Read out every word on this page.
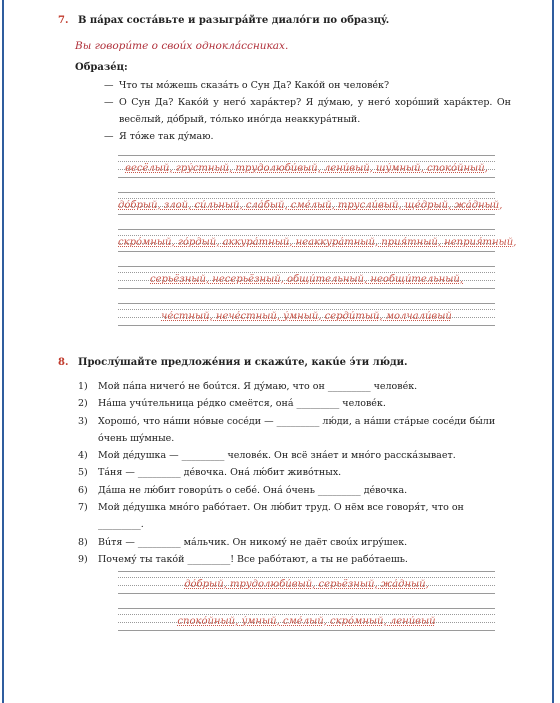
7. В пáрах состáвьте и разыгрáйте диалóги по образцý.
Вы говорúте о своúх одноклáссниках.
Образéц:
— Что ты мóжешь сказáть о Сун Да? Какóй он человéк?
— О Сун Да? Какóй у негó харáктер? Я дýмаю, у негó хорóший харáктер. Он весёлый, дóбрый, тóлько инóгда неаккурáтный.
— Я тóже так дýмаю.
весёлый, грýстный, трудолюбúвый, ленúвый, шýмный, спокóйный,
дóбрый, злой, сúльный, слáбый, смéлый, труслúвый, щéдрый, жáдный,
скрóмный, гóрдый, аккурáтный, неаккурáтный, прия́тный, неприя́тный,
серьёзный, несерьёзный, общúтельный, необщúтельный,
чéстный, нечéстный, ýмный, сердúтый, молчалúвый
8. Прослýшайте предложéния и скажúте, какúе э́ти лю́ди.
1) Мой пáпа ничегó не боúтся. Я дýмаю, что он _________ человéк.
2) Нáша учúтельница рéдко смеётся, онá _________ человéк.
3) Хорошó, что нáши нóвые сосéди — _________ лю́ди, а нáши стáрые сосéди бы́ли óчень шýмные.
4) Мой дéдушка — _________ человéк. Он всё знáет и мнóго расскáзывает.
5) Тáня — _________ дéвочка. Онá лю́бит живóтных.
6) Дáша не лю́бит говорúть о себé. Онá óчень _________ дéвочка.
7) Мой дéдушка мнóго рабóтает. Он лю́бит труд. О нём все говоря́т, что он _________.
8) Вúтя — _________ мáльчик. Он никомý не даёт своúх игрýшек.
9) Почемý ты такóй _________! Все рабóтают, а ты не рабóтаешь.
дóбрый, трудолюбúвый, серьёзный, жáдный,
спокóйный, ýмный, смéлый, скрóмный, ленúвый
